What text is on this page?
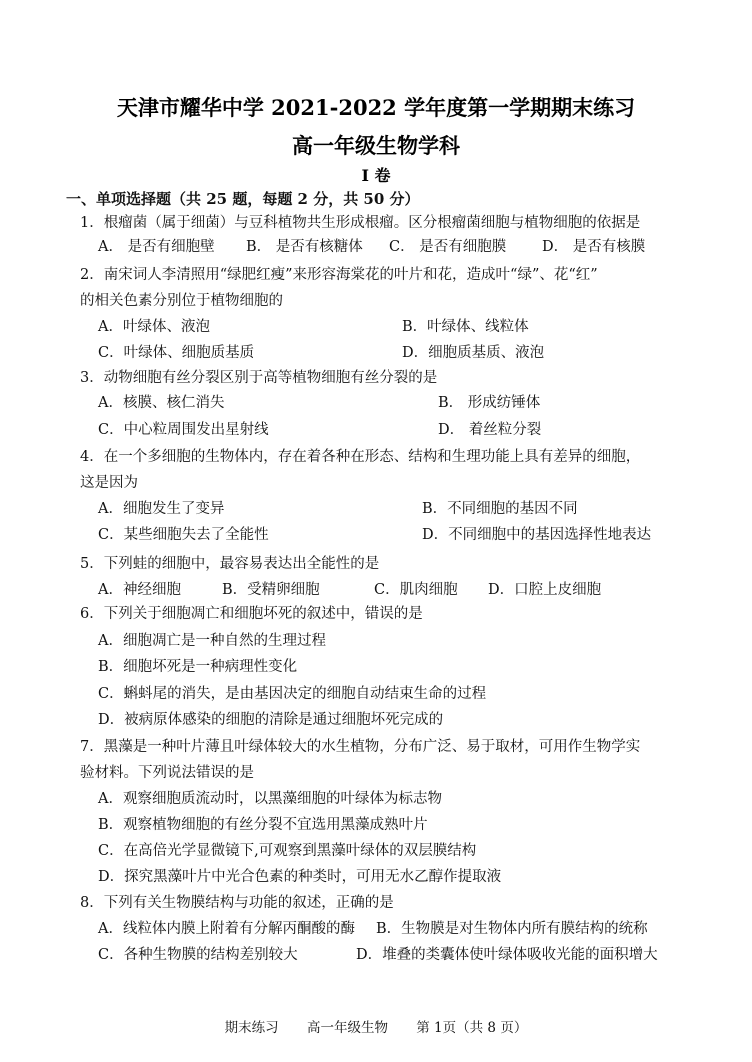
天津市耀华中学 2021-2022 学年度第一学期期末练习
高一年级生物学科
I 卷
一、单项选择题（共 25 题，每题 2 分，共 50 分）
1．根瘤菌（属于细菌）与豆科植物共生形成根瘤。区分根瘤菌细胞与植物细胞的依据是
A． 是否有细胞壁 B． 是否有核糖体 C． 是否有细胞膜 D． 是否有核膜
2．南宋词人李清照用“绿肥红瘦”来形容海棠花的叶片和花，造成叶“绿”、花“红”
的相关色素分别位于植物细胞的
A．叶绿体、液泡	B．叶绿体、线粒体
C．叶绿体、细胞质基质	D．细胞质基质、液泡
3．动物细胞有丝分裂区别于高等植物细胞有丝分裂的是
A．核膜、核仁消失	B． 形成纺锤体
C．中心粒周围发出星射线	D． 着丝粒分裂
4．在一个多细胞的生物体内，存在着各种在形态、结构和生理功能上具有差异的细胞，
这是因为
A．细胞发生了变异	B．不同细胞的基因不同
C．某些细胞失去了全能性	D．不同细胞中的基因选择性地表达
5．下列蛙的细胞中，最容易表达出全能性的是
A．神经细胞	B．受精卵细胞	C．肌肉细胞 D．口腔上皮细胞
6．下列关于细胞凋亡和细胞坏死的叙述中，错误的是
A．细胞凋亡是一种自然的生理过程
B．细胞坏死是一种病理性变化
C．蝌蚪尾的消失，是由基因决定的细胞自动结束生命的过程
D．被病原体感染的细胞的清除是通过细胞坏死完成的
7．黑藻是一种叶片薄且叶绿体较大的水生植物，分布广泛、易于取材，可用作生物学实
验材料。下列说法错误的是
A．观察细胞质流动时，以黑藻细胞的叶绿体为标志物
B．观察植物细胞的有丝分裂不宜选用黑藻成熟叶片
C．在高倍光学显微镜下,可观察到黑藻叶绿体的双层膜结构
D．探究黑藻叶片中光合色素的种类时，可用无水乙醇作提取液
8．下列有关生物膜结构与功能的叙述，正确的是
A．线粒体内膜上附着有分解丙酮酸的酶 B．生物膜是对生物体内所有膜结构的统称
C．各种生物膜的结构差别较大	D．堆叠的类囊体使叶绿体吸收光能的面积增大
期末练习 高一年级生物 第 1页（共 8 页）
